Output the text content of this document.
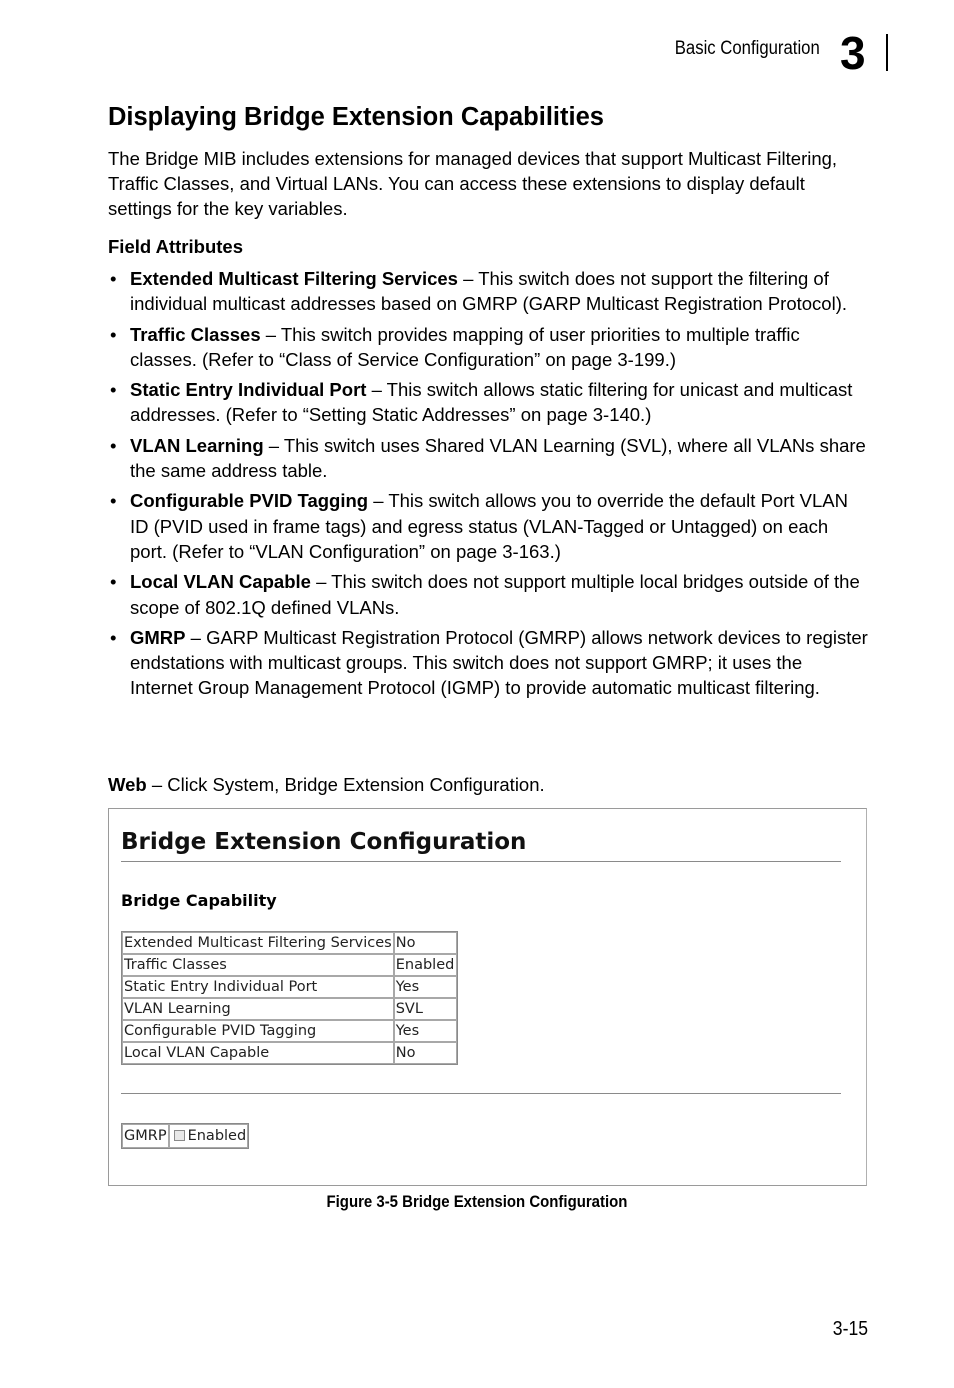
Basic Configuration 3
Displaying Bridge Extension Capabilities

The Bridge MIB includes extensions for managed devices that support Multicast Filtering, Traffic Classes, and Virtual LANs. You can access these extensions to display default settings for the key variables.

Field Attributes
• Extended Multicast Filtering Services – This switch does not support the filtering of individual multicast addresses based on GMRP (GARP Multicast Registration Protocol).
• Traffic Classes – This switch provides mapping of user priorities to multiple traffic classes. (Refer to “Class of Service Configuration” on page 3-199.)
• Static Entry Individual Port – This switch allows static filtering for unicast and multicast addresses. (Refer to “Setting Static Addresses” on page 3-140.)
• VLAN Learning – This switch uses Shared VLAN Learning (SVL), where all VLANs share the same address table.
• Configurable PVID Tagging – This switch allows you to override the default Port VLAN ID (PVID used in frame tags) and egress status (VLAN-Tagged or Untagged) on each port. (Refer to “VLAN Configuration” on page 3-163.)
• Local VLAN Capable – This switch does not support multiple local bridges outside of the scope of 802.1Q defined VLANs.
• GMRP – GARP Multicast Registration Protocol (GMRP) allows network devices to register endstations with multicast groups. This switch does not support GMRP; it uses the Internet Group Management Protocol (IGMP) to provide automatic multicast filtering.

Web – Click System, Bridge Extension Configuration.

Bridge Extension Configuration
Bridge Capability
Extended Multicast Filtering Services	No
Traffic Classes	Enabled
Static Entry Individual Port	Yes
VLAN Learning	SVL
Configurable PVID Tagging	Yes
Local VLAN Capable	No
GMRP	Enabled

Figure 3-5 Bridge Extension Configuration

3-15
